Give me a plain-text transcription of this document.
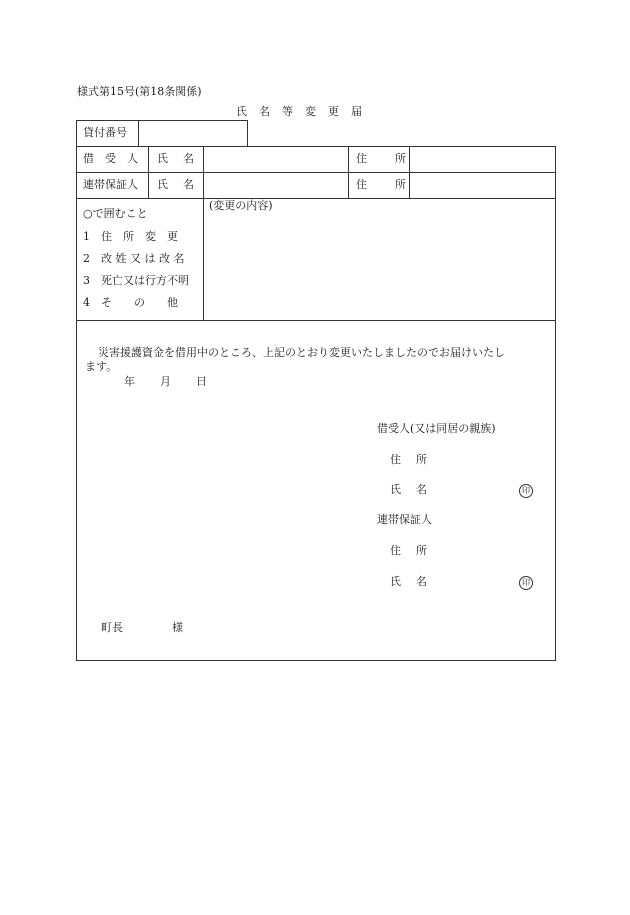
様式第15号(第18条関係)
氏　名　等　変　更　届
貸付番号
借　受　人 氏　名	住　　所
連帯保証人 氏　名	住　　所
○で囲むこと
1　住　所　変　更
2　改 姓 又 は 改 名
3　死亡又は行方不明
4　そ　　の　　他
(変更の内容)
災害援護資金を借用中のところ、上記のとおり変更いたしましたのでお届けいたし
ます。
年　　月　　日
借受人(又は同居の親族)
住　所
氏　名	印
連帯保証人
住　所
氏　名	印
町長	様
